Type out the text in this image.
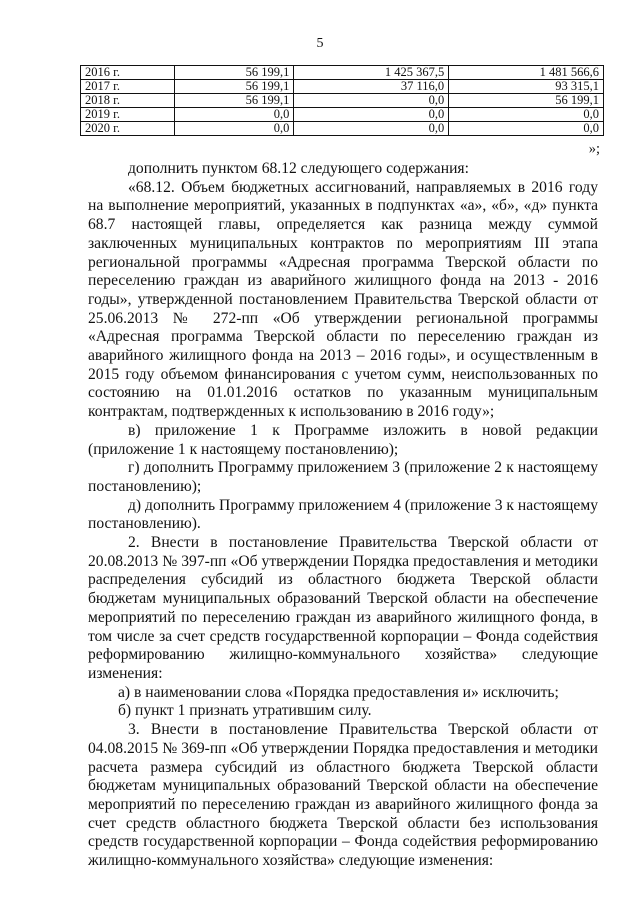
5
2016 г.	56 199,1	1 425 367,5	1 481 566,6
2017 г.	56 199,1	37 116,0	93 315,1
2018 г.	56 199,1	0,0	56 199,1
2019 г.	0,0	0,0	0,0
2020 г.	0,0	0,0	0,0
»;

дополнить пунктом 68.12 следующего содержания:

«68.12. Объем бюджетных ассигнований, направляемых в 2016 году на выполнение мероприятий, указанных в подпунктах «а», «б», «д» пункта 68.7 настоящей главы, определяется как разница между суммой заключенных муниципальных контрактов по мероприятиям III этапа региональной программы «Адресная программа Тверской области по переселению граждан из аварийного жилищного фонда на 2013 - 2016 годы», утвержденной постановлением Правительства Тверской области от 25.06.2013 № 272-пп «Об утверждении региональной программы «Адресная программа Тверской области по переселению граждан из аварийного жилищного фонда на 2013 – 2016 годы», и осуществленным в 2015 году объемом финансирования с учетом сумм, неиспользованных по состоянию на 01.01.2016 остатков по указанным муниципальным контрактам, подтвержденных к использованию в 2016 году»;

в) приложение 1 к Программе изложить в новой редакции (приложение 1 к настоящему постановлению);

г) дополнить Программу приложением 3 (приложение 2 к настоящему постановлению);

д) дополнить Программу приложением 4 (приложение 3 к настоящему постановлению).

2. Внести в постановление Правительства Тверской области от 20.08.2013 № 397-пп «Об утверждении Порядка предоставления и методики распределения субсидий из областного бюджета Тверской области бюджетам муниципальных образований Тверской области на обеспечение мероприятий по переселению граждан из аварийного жилищного фонда, в том числе за счет средств государственной корпорации – Фонда содействия реформированию жилищно-коммунального хозяйства» следующие изменения:

а) в наименовании слова «Порядка предоставления и» исключить;

б) пункт 1 признать утратившим силу.

3. Внести в постановление Правительства Тверской области от 04.08.2015 № 369-пп «Об утверждении Порядка предоставления и методики расчета размера субсидий из областного бюджета Тверской области бюджетам муниципальных образований Тверской области на обеспечение мероприятий по переселению граждан из аварийного жилищного фонда за счет средств областного бюджета Тверской области без использования средств государственной корпорации – Фонда содействия реформированию жилищно-коммунального хозяйства» следующие изменения:
